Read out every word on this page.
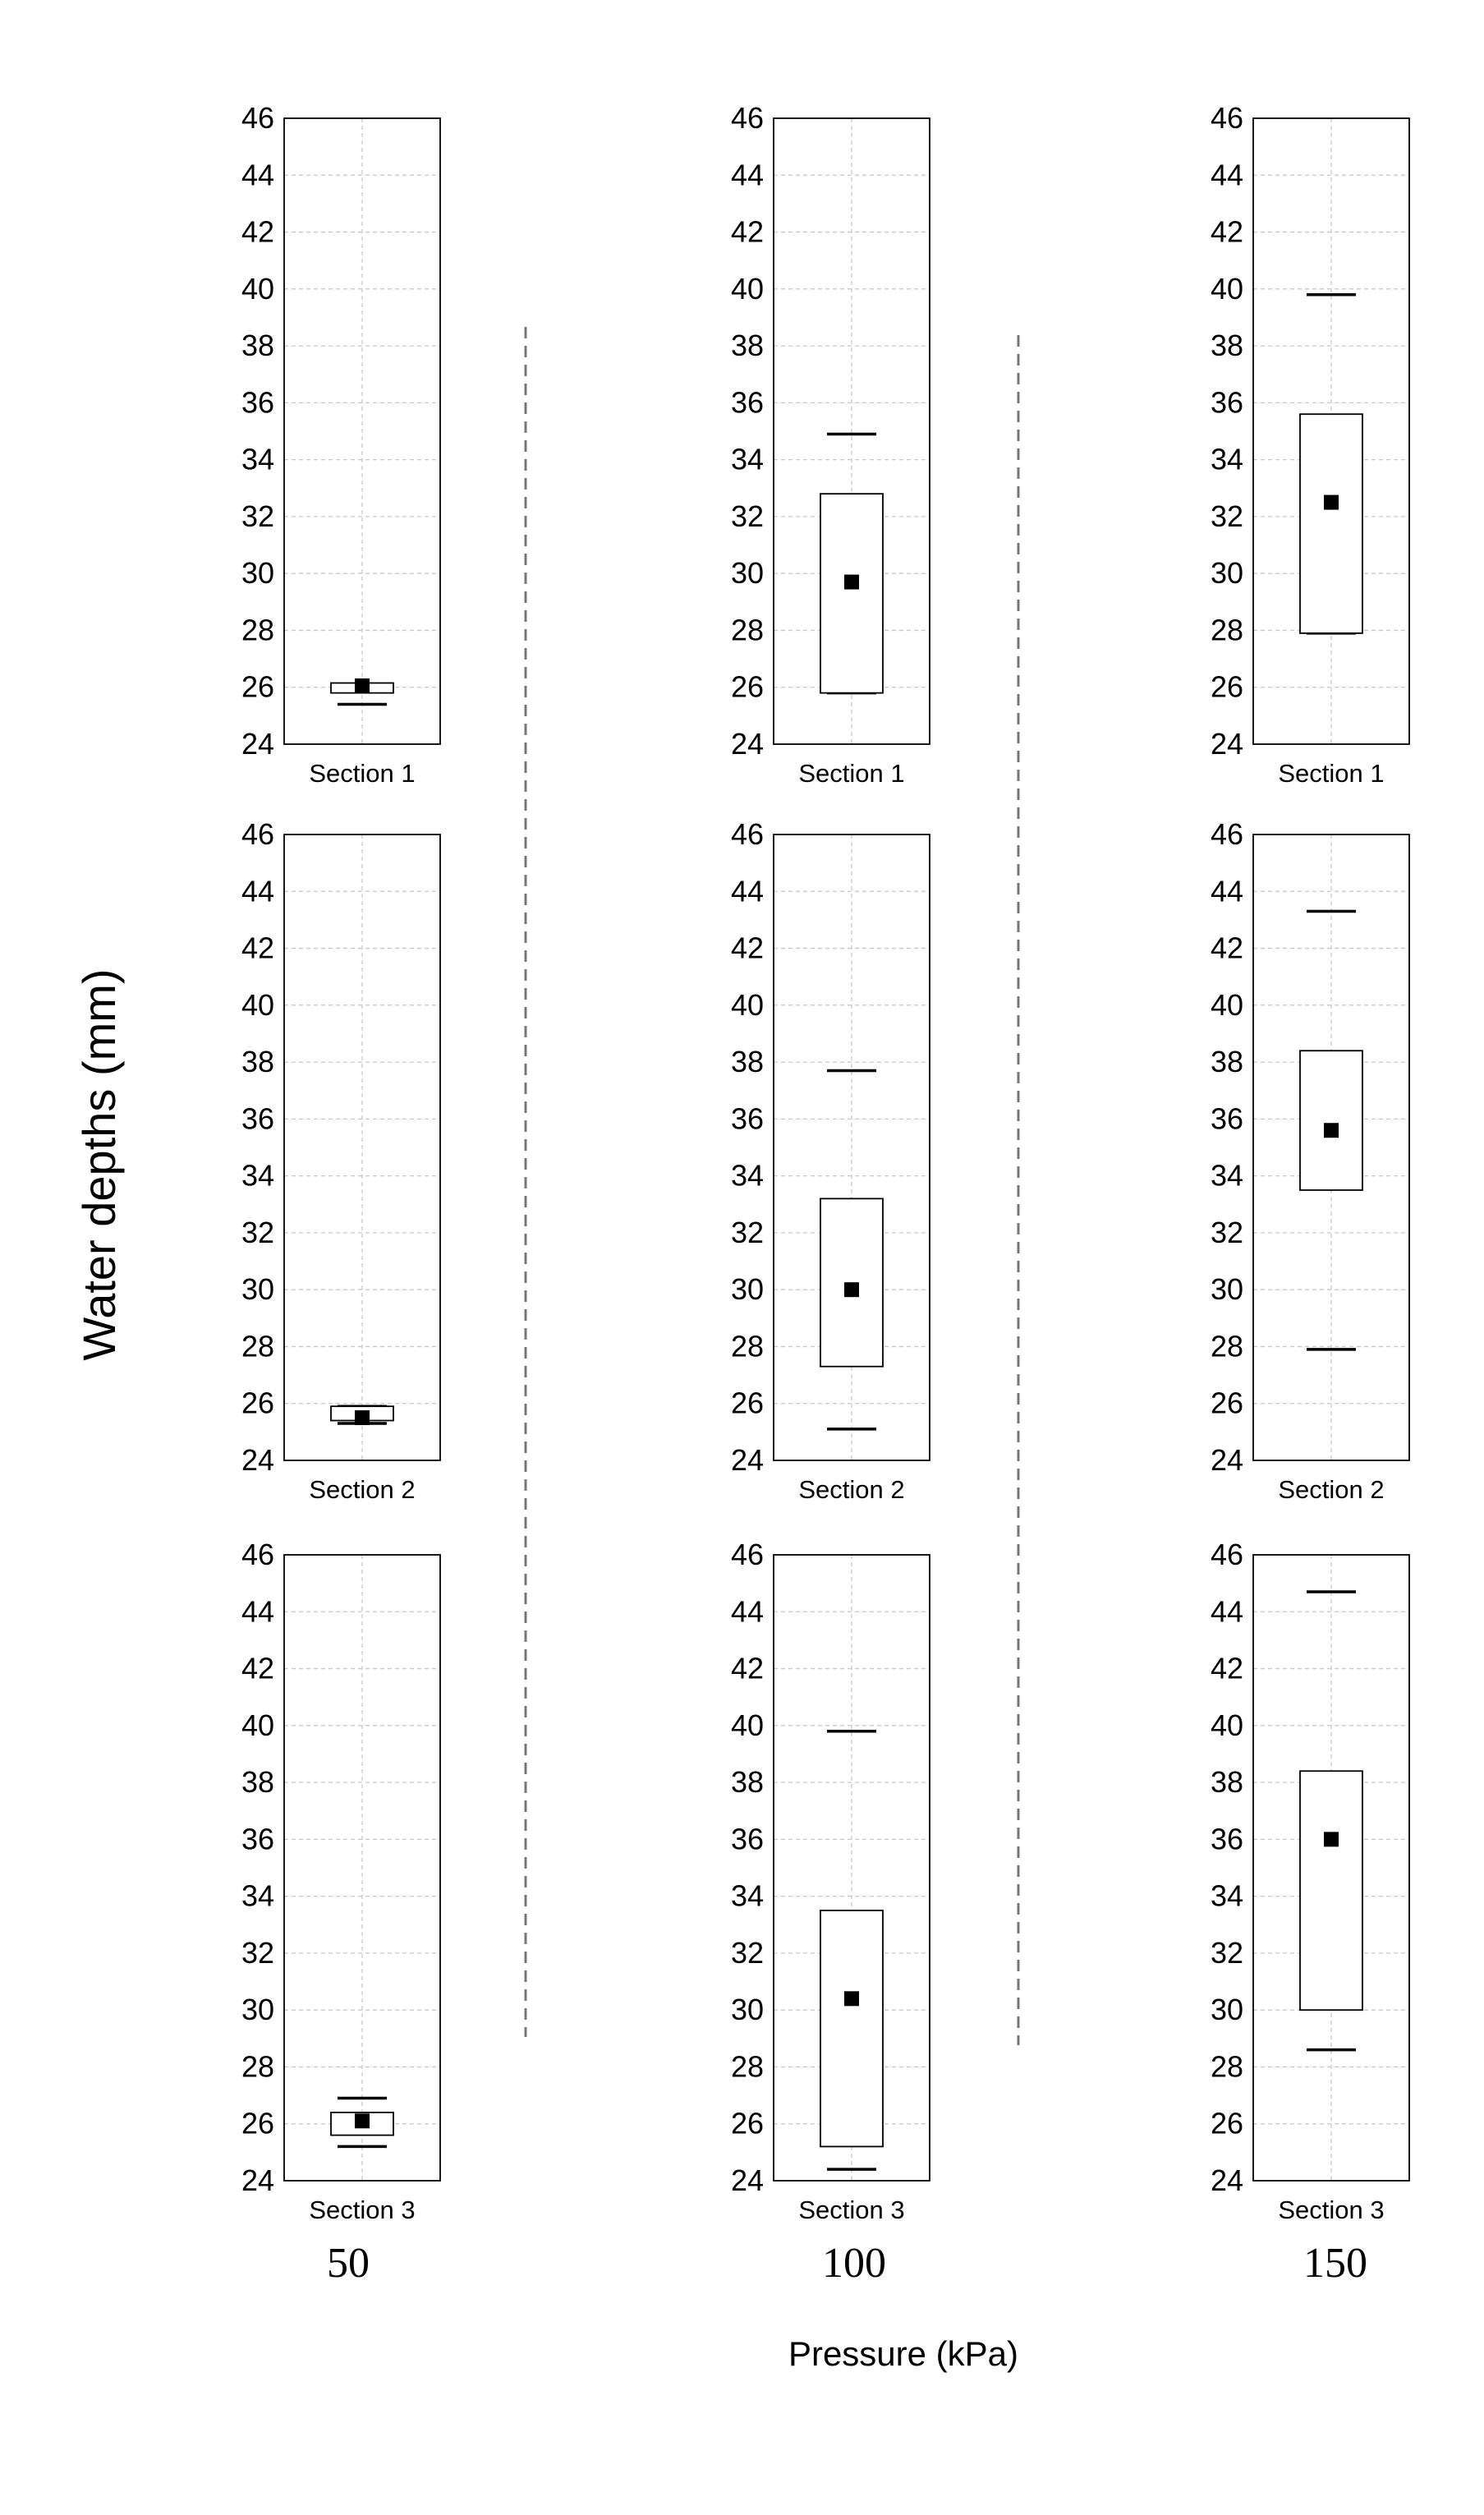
24
26
28
30
32
34
36
38
40
42
44
46
Section 1
24
26
28
30
32
34
36
38
40
42
44
46
Section 1
24
26
28
30
32
34
36
38
40
42
44
46
Section 1
24
26
28
30
32
34
36
38
40
42
44
46
Section 2
24
26
28
30
32
34
36
38
40
42
44
46
Section 2
24
26
28
30
32
34
36
38
40
42
44
46
Section 2
24
26
28
30
32
34
36
38
40
42
44
46
Section 3
24
26
28
30
32
34
36
38
40
42
44
46
Section 3
24
26
28
30
32
34
36
38
40
42
44
46
Section 3
Water depths (mm)
50	100	150
Pressure (kPa)
